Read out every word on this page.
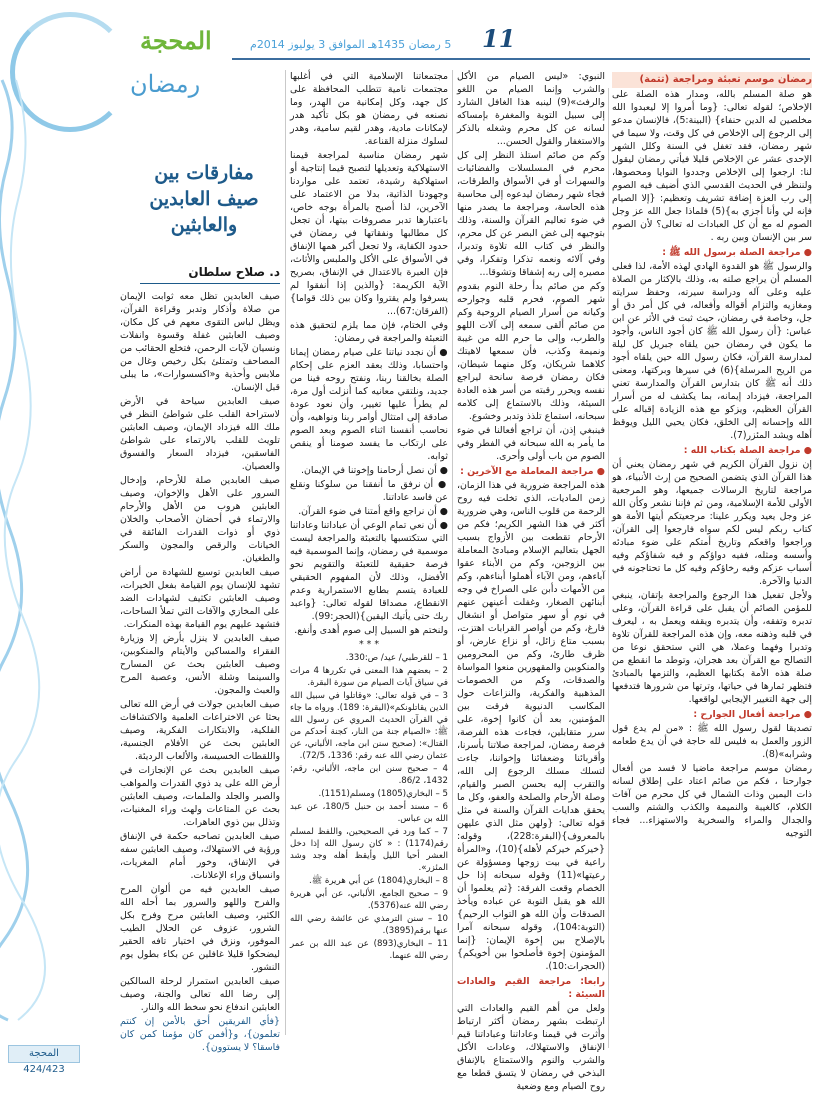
المحجة
رمضان
5 رمضان 1435هـ الموافق 3 يوليوز 2014م 11
رمضان موسم تعبئة ومراجعة (تتمة)

هو صلة المسلم بالله، ومدار هذه الصلة على الإخلاص؛ لقوله تعالى: {وما أمروا إلا ليعبدوا الله مخلصين له الدين حنفاء} (البينة:5)، فالإنسان مدعو إلى الرجوع إلى الإخلاص في كل وقت، ولا سيما في شهر رمضان، فقد تغفل في السنة وكلل الشهر الإحدى عشر عن الإخلاص قليلا فيأتي رمضان ليقول لنا: ارجعوا إلى الإخلاص وجددوا النوايا ومحصوها، ولننظر في الحديث القدسي الذي أضيف فيه الصوم إلى رب العزة إضافة تشريف وتعظيم: {إلا الصيام فإنه لي وأنا أجزي به}(5) فلماذا جعل الله عز وجل الصوم له مع أن كل العبادات له تعالى؟ لأن الصوم سر بين الإنسان وبين ربه .

● مراجعة الصلة برسول الله ﷺ :

والرسول ﷺ هو القدوة الهادي لهذه الأمة، لذا فعلى المسلم أن يراجع صلته به، وذلك بالإكثار من الصلاة عليه وعلى آله ودراسة سيرته، وحفظ سرايته ومغازيه والتزام أقواله وأفعاله، في كل أمر دق أو جل، وخاصة في رمضان، حيث ثبت في الأثر عن ابن عباس: {أن رسول الله ﷺ كان أجود الناس، وأجود ما يكون في رمضان حين يلقاه جبريل كل ليلة لمدارسة القرآن، فكان رسول الله حين يلقاه أجود من الريح المرسلة}(6) في سيرها وبركتها، ومعنى ذلك أنه ﷺ كان بتدارس القرآن والمدارسة تعني المراجعة، فيزداد إيمانه، بما يكشف له من أسرار القرآن العظيم، ويزكو مع هذه الزيادة إقباله على الله وإحسانه إلى الخلق، فكان يحيي الليل ويوقظ أهله ويشد المئزر(7).

● مراجعة الصلة بكتاب الله :

إن نزول القرآن الكريم في شهر رمضان يعني أن هذا القرآن الذي يتضمن الصحيح من إرث الأنبياء، هو مراجعة لتاريخ الرسالات جميعها، وهو المرجعية الأولى للأمة الإسلامية، ومن ثم فإننا نشعر وكأن الله عز وجل يعيد ويكرر علينا: مرجعيتكم أيتها الأمة هو كتاب ربكم ليس لكم سواه فارجعوا إلى القرآن، وراجعوا واقعكم وتاريخ أمتكم على ضوء مبادئه وأسسه ومثله، ففيه دواؤكم و فيه شفاؤكم وفيه أسباب عزكم وفيه رخاؤكم وفيه كل ما تحتاجونه في الدنيا والآخرة.

ولأجل تفعيل هذا الرجوع والمراجعة بإتقان، ينبغي للمؤمن الصائم أن يقبل على قراءة القرآن، وعلى تدبره وتفقه، وأن يتدبره ويقفه ويعمل به ، ليعرف في قلبه وذهنه معه، وإن هذه المراجعة للقرآن تلاوة وتدبرا وفهما وعملا، هي التي ستحقق نوعا من التصالح مع القرآن بعد هجران، وتوطد ما انقطع من صلة هذه الأمة بكتابها العظيم، والتزمها بالمبادئ فتظهر ثمارها في حياتها، وترتها من شرورها فتدفعها إلى جهة التغيير الإيجابي لواقعها.

● مراجعة أفعال الجوارح :

تصديقا لقول رسول الله ﷺ : «من لم يدع قول الزور والعمل به فليس لله حاجة في أن يدع طعامه وشرابه»(8).

رمضان موسم مراجعة ماضيا لا فسد من أفعال جوارحنا ، فكم من صائم اعتاد على إطلاق لسانه ذات اليمين وذات الشمال في كل محرم من آفات الكلام، كالغيبة والنميمة والكذب والشتم والسب والجدال والمراء والسخرية والاستهزاء... فجاء التوجيه

النبوي: «ليس الصيام من الأكل والشرب وإنما الصيام من اللغو والرفث»(9) لينبه هذا الغافل الشارد إلى سبيل التوبة والمغفرة بإمساكه لسانه عن كل محرم وشغله بالذكر والاستغفار والقول الحسن...

وكم من صائم استلذ النظر إلى كل محرم في المسلسلات والفضائيات والسهرات أو في الأسواق والطرقات، فجاء شهر رمضان ليدعوه إلى محاسبة هذه الحاسة، ومراجعة ما يصدر منها في ضوء تعاليم القرآن والسنة، وذلك بتوجيهه إلى غض البصر عن كل محرم، والنظر في كتاب الله تلاوة وتدبرا، وفي آلائه ونعمه تذكرا وتفكرا، وفي مصيره إلى ربه إشفاقا وتشوقا...

وكم من صائم بدأ رحلة النوم بقدوم شهر الصوم، فحرم قلبه وجوارحه وكيانه من أسرار الصيام الروحية وكم من صائم ألقى سمعه إلى آلات اللهو والطرب، وإلى ما حرم الله من غيبة ونميمة وكذب، فأن سمعها لاهيتك كلاهما شريكان، وكل منهما شيطان، فكان رمضان فرصة سانحة ليراجع نفسه ويحرر رقبته من أسر هذه العادة السيئة، وذلك بالاستماع إلى كلامه سبحانه، استماع تلذذ وتدبر وخشوع.

فينبغي إذن، أن تراجع أفعالنا في ضوء ما يأمر به الله سبحانه في الفطر وفي الصوم من باب أولى وأحرى.

● مراجعة المعاملة مع الآخرين :

هذه المراجعة ضرورية في هذا الزمان، زمن الماديات، الذي تخلت فيه روح الرحمة من قلوب الناس، وهي ضرورية أكثر في هذا الشهر الكريم؛ فكم من الأرحام تقطعت بين الأزواج بسبب الجهل بتعاليم الإسلام ومبادئ المعاملة بين الزوجين، وكم من الأبناء عقوا آباءهم، ومن الآباء أهملوا أبناءهم، وكم من الأمهات دأبن على الصراخ في وجه أبنائهن الصغار، وغفلت أعينهن عنهم في نوم أو سهر متواصل أو انشغال فارغ، وكم من أواصر القرابات اهتزت، بسبب متاع زائل، أو نزاع عارض، أو ظرف طارئ، وكم من المحرومين والمنكوبين والمقهورين منعوا المواساة والصدقات، وكم من الخصومات المذهبية والفكرية، والنزاعات حول المكاسب الدنيوية فرقت بين المؤمنين، بعد أن كانوا إخوة، على سرر متقابلين، فجاءت هذه الفرصة، فرصة رمضان، لمراجعة صلاتنا بأسرنا، وأقربائنا وضعفائنا وإخواننا، جاءت لتسلك مسلك الرجوع إلى الله، والتقرب إليه بحسن الصبر والقيام، وصلة الأرحام والصلحة والعفو، وكل ما يحقق هدايات القرآن والسنة في مثل قوله تعالى: {ولهن مثل الذي عليهن بالمعروف}(البقرة:228)، وقوله: {خيركم خيركم لأهله}(10)، و«المرأة راعية في بيت زوجها ومسؤولة عن رعيتها»(11) وقوله سبحانه إذا حل الخصام وقعت الفرقة: {ثم يعلموا أن الله هو يقبل التوبة عن عباده ويأخذ الصدقات وأن الله هو التواب الرحيم}(التوبة:104)، وقوله سبحانه آمرا بالإصلاح بين إخوة الإيمان: {إنما المؤمنون إخوة فأصلحوا بين أخويكم}(الحجرات:10).

رابعا: مراجعة القيم والعادات السيئة :

ولعل من أهم القيم والعادات التي ارتبطت بشهر رمضان أكثر ارتباط وأثرت في قيمنا وعاداتنا وعباداتنا قيم الإنفاق والاستهلاك، وعادات الأكل والشرب والنوم والاستمتاع بالإنفاق البذخي في رمضان لا يتسق قطعا مع روح الصيام ومع وضعية

مجتمعاتنا الإسلامية التي في أغلبها مجتمعات نامية تتطلب المحافظة على كل جهد، وكل إمكانية من الهدر، وما نصنعه في رمضان هو بكل تأكيد هدر لإمكانات مادية، وهدر لقيم سامية، وهدر لسلوك منزلة القناعة.

شهر رمضان مناسبة لمراجعة قيمنا الاستهلاكية وتعديلها لتصبح قيما إنتاجية أو استهلاكية رشيدة، تعتمد على مواردنا وجهودنا الذاتية، بدلا من الاعتماد على الآخرين، لذا أصبح بالمرأة بوجه خاص، باعتبارها تدبر مصروفات بيتها، أن تجعل كل مطالبها ونفقاتها في رمضان في حدود الكفاية، ولا تجعل أكبر همها الإنفاق في الأسواق على الأكل والملبس والأثاث، فإن العبرة بالاعتدال في الإنفاق، بصريح الآية الكريمة: {والذين إذا أنفقوا لم يسرفوا ولم يقتروا وكان بين ذلك قواما}(الفرقان:67)...

وفي الختام، فإن مما يلزم لتحقيق هذه التعبئة والمراجعة في رمضان:

● أن نجدد نياتنا على صيام رمضان إيمانا واحتسابا، وذلك بعقد العزم على إحكام الصلة بخالقنا ربنا، ونفتح روحه فينا من جديد، ونلتقي معانيه كما أنزلت أول مرة، لم يطرأ عليها تغيير، وأن نعود عودة صادقة إلى امتثال أوامر ربنا ونواهيه، وأن نحاسب أنفسنا اثناء الصوم وبعد الصوم على ارتكاب ما يفسد صومنا أو ينقص ثوابه.

● أن نصل أرحامنا وإخوتنا في الإيمان.

● أن نرفق ما أنفقنا من سلوكنا ونقلع عن فاسد عاداتنا.

● أن نراجع واقع أمتنا في ضوء القرآن.

● أن نعي تمام الوعي أن عباداتنا وعاداتنا التي ستكتسبها بالتعبئة والمراجعة ليست موسمية في رمضان، وإنما الموسمية فيه فرصة حقيقية للتعبئة والتقويم نحو الأفضل، وذلك لأن المفهوم الحقيقي للعبادة يتسم بطابع الاستمرارية وعدم الانقطاع، مصداقا لقوله تعالى: {واعبد ربك حتى يأتيك اليقين}(الحجر:99).

ولنختم هو السبيل إلى صوم أهدى وأنفع.

* * *

1 – للقرطبي/ عيد/ ص:330.

2 – بعضهم هذا المعنى في تكررها 4 مرات في سياق آيات الصيام من سورة البقرة.

3 – في قوله تعالى: «وقاتلوا في سبيل الله الذين يقاتلونكم»(البقرة: 189). ورواه ما جاء في القرآن الحديث المروي عن رسول الله ﷺ: «الصيام جنة من النار، كجنة أحدكم من القتال»: (صحيح سنن ابن ماجه، الألباني، عن عثمان رضي الله عنه رقم: 1336، 72/5).

4 – صحيح سنن ابن ماجه، الألباني، رقم: 1432، 86/2.

5 – البخاري(1805) ومسلم(1151).

6 – مسند أحمد بن حنبل 180/5، عن عبد الله بن عباس.

7 – كما ورد في الصحيحين، واللفظ لمسلم رقم(1174) : « كان رسول الله إذا دخل العشر أحيا الليل وأيقظ أهله وجد وشد المئزر».

8 – البخاري(1804) عن أبي هريرة ﷺ.

9 – صحيح الجامع، الألباني، عن أبي هريرة رضي الله عنه(5376).

10 – سنن الترمذي عن عائشة رضي الله عنها برقم(3895).

11 – البخاري(893) عن عبد الله بن عمر رضي الله عنهما.

مفارقات بين
صيف العابدين والعابثين
د. صلاح سلطان

صيف العابدين تظل معه ثوابت الإيمان من صلاة وأذكار وتدبر وقراءة القرآن، ويظل لباس التقوى معهم في كل مكان، وصيف العابثين غفلة وقسوة وانفلات ونسيان لآيات الرحمن، فتخلع الحقائب من المصاحف وتمتلئ بكل رخيص وغال من ملابس وأحذية و«اكسسوارات»، ما يبلى قبل الإنسان.

صيف العابدين سياحة في الأرض لاستراحة القلب على شواطئ النظر في ملك الله فيزداد الإيمان، وصيف العابثين تلويث للقلب بالارتماء على شواطئ الفاسقين، فيزداد السعار والفسوق والعصيان.

صيف العابدين صلة للأرحام، وإدخال السرور على الأهل والإخوان، وصيف العابثين هروب من الأهل والأرحام والارتماء في أحضان الأصحاب والخلان ذوي أو ذوات القدرات الفائقة في الخيانات والرقص والمجون والسكر والطغيان.

صيف العابدين توسيع للشهادة من أراض تشهد للإنسان يوم القيامة بفعل الخيرات، وصيف العابثين تكثيف لشهادات الضد على المخازي والآفات التي تملأ الساحات، فتشهد عليهم يوم القيامة بهذه المنكرات.

صيف العابدين لا ينزل بأرض إلا وزيارة الفقراء والمساكين والأيتام والمنكوبين، وصيف العابثين بحث عن المسارح والسينما وشلة الأنس، وعصبة المرح والعبث والمجون.

صيف العابدين جولات في أرض الله تعالى بحثا عن الاختراعات العلمية والاكتشافات الفلكية، والابتكارات الفكرية، وصيف العابثين بحث عن الأفلام الجنسية، واللقطات الخسيسة، والألعاب الرديئة.

صيف العابدين بحث عن الإنجازات في أرض الله على يد ذوي القدرات والمواهب والصبر والجلد والملمات، وصيف العابثين بحث عن المتاعات ولهث وراء المغنيات، وتذلل بين ذوي العاهرات.

صيف العابدين تصاحبه حكمة في الإنفاق ورؤية في الاستهلاك، وصيف العابثين سفه في الإنفاق، وخور أمام المغريات، وانسياق وراء الإعلانات.

صيف العابدين فيه من ألوان المرح والفرح واللهو والسرور بما أحله الله الكثير، وصيف العابثين مرح وفرح بكل الشرور، عزوف عن الحلال الطيب الموفور، ونزق في اختيار تافه الحقير ليضحكوا قليلا غافلين عن بكاء بطول يوم النشور.

صيف العابدين استمرار لرحلة السالكين إلى رضا الله تعالى والجنة، وصيف العابثين اندفاع نحو سخط الله والنار.

{فأي الفريقين أحق بالأمن إن كنتم تعلمون}، و{أفمن كان مؤمنا كمن كان فاسقا؟ لا يستوون}.

المحجة 424/423
